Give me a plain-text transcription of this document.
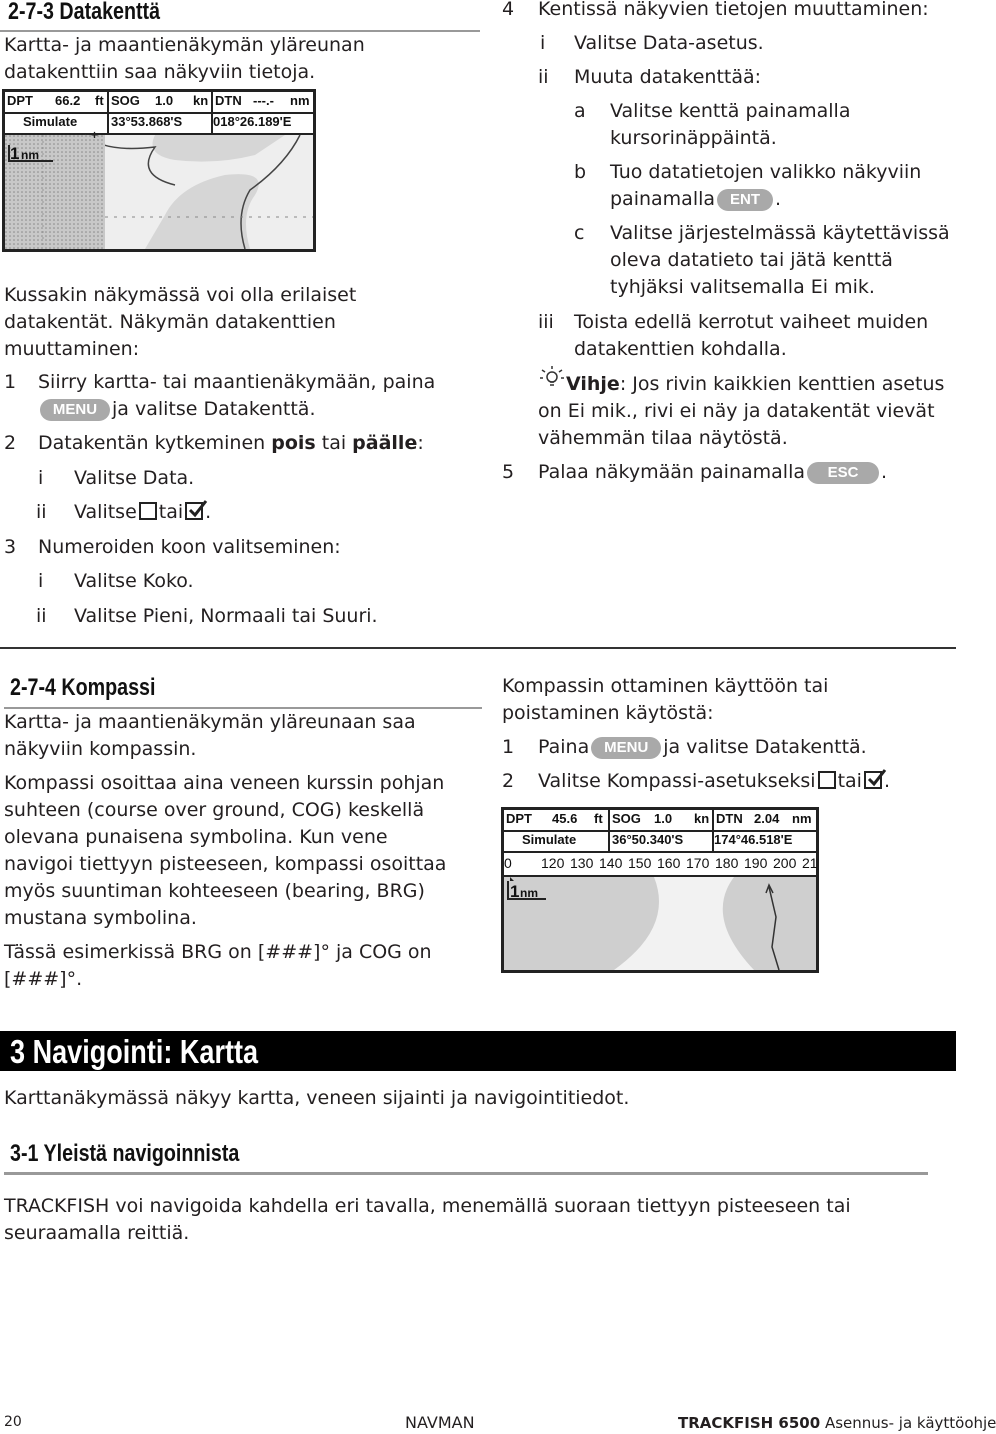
2-7-3 Datakenttä
Kartta- ja maantienäkymän yläreunan
datakenttiin saa näkyviin tietoja.
DPT 66.2 ft SOG 1.0 kn DTN ---.- nm
Simulate	33°53.868'S 018°26.189'E
+
1 nm
Kussakin näkymässä voi olla erilaiset
datakentät. Näkymän datakenttien
muuttaminen:
1 Siirry kartta- tai maantienäkymään, paina
MENU ja valitse Datakenttä.
2 Datakentän kytkeminen pois tai päälle:
i Valitse Data.
ii Valitse tai .
3 Numeroiden koon valitseminen:
i Valitse Koko.
ii Valitse Pieni, Normaali tai Suuri.
4 Kentissä näkyvien tietojen muuttaminen:
i Valitse Data-asetus.
ii Muuta datakenttää:
a Valitse kenttä painamalla
kursorinäppäintä.
b Tuo datatietojen valikko näkyviin
painamalla ENT .
c Valitse järjestelmässä käytettävissä
oleva datatieto tai jätä kenttä
tyhjäksi valitsemalla Ei mik.
iii Toista edellä kerrotut vaiheet muiden
datakenttien kohdalla.
Vihje: Jos rivin kaikkien kenttien asetus
on Ei mik., rivi ei näy ja datakentät vievät
vähemmän tilaa näytöstä.
5 Palaa näkymään painamalla ESC .
2-7-4 Kompassi
Kartta- ja maantienäkymän yläreunaan saa
näkyviin kompassin.
Kompassi osoittaa aina veneen kurssin pohjan
suhteen (course over ground, COG) keskellä
olevana punaisena symbolina. Kun vene
navigoi tiettyyn pisteeseen, kompassi osoittaa
myös suuntiman kohteeseen (bearing, BRG)
mustana symbolina.
Tässä esimerkissä BRG on [###]° ja COG on
[###]°.
Kompassin ottaminen käyttöön tai
poistaminen käytöstä:
1 Paina MENU ja valitse Datakenttä.
2 Valitse Kompassi-asetukseksi tai .
DPT 45.6 ft SOG 1.0 kn DTN 2.04 nm
Simulate	36°50.340'S 174°46.518'E
0 120 130 140 150 160 170 180 190 200 21
1 nm
3 Navigointi: Kartta
Karttanäkymässä näkyy kartta, veneen sijainti ja navigointitiedot.
3-1 Yleistä navigoinnista
TRACKFISH voi navigoida kahdella eri tavalla, menemällä suoraan tiettyyn pisteeseen tai
seuraamalla reittiä.
20	NAVMAN	TRACKFISH 6500 Asennus- ja käyttöohje
